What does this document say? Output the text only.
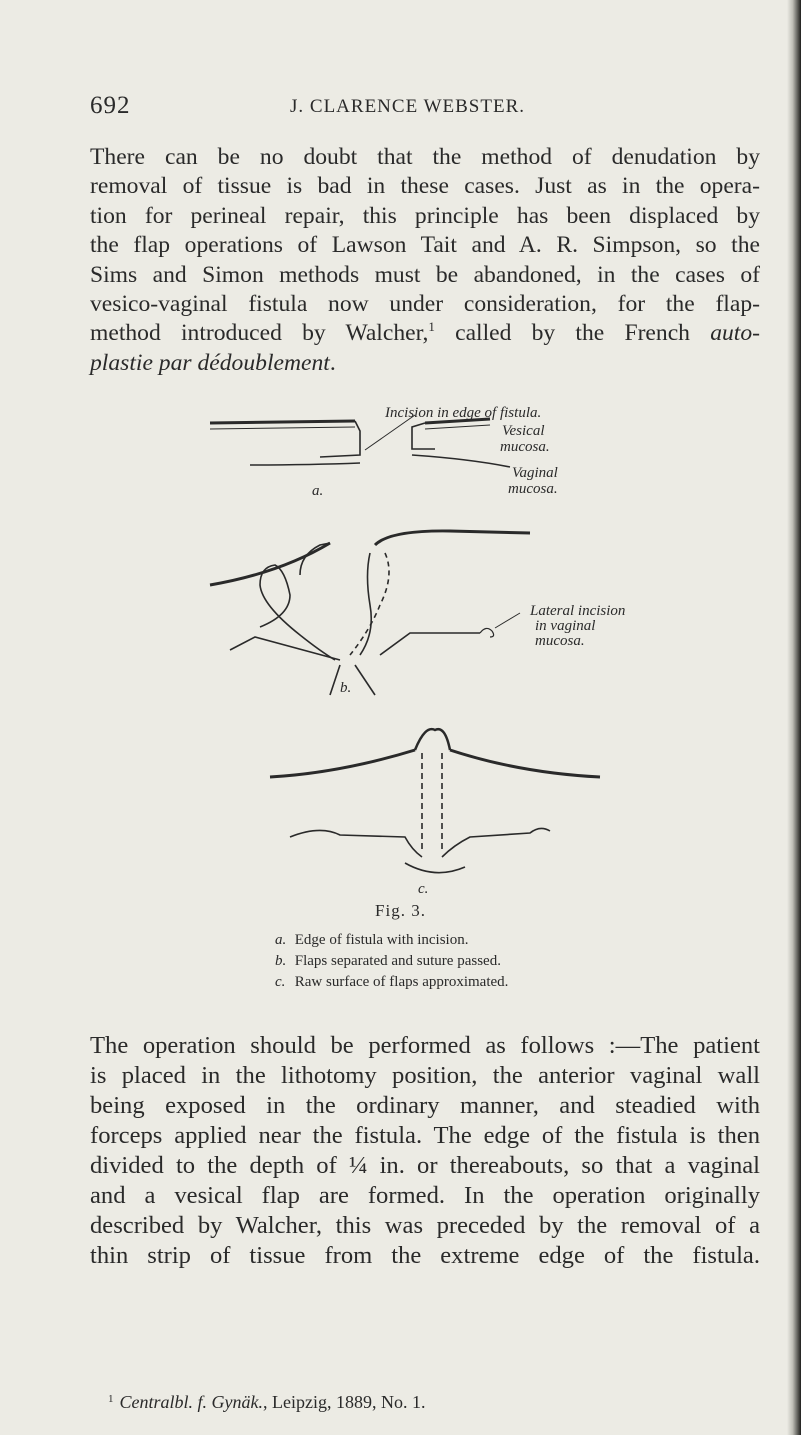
692	J. CLARENCE WEBSTER.
There can be no doubt that the method of denudation by
removal of tissue is bad in these cases. Just as in the opera-
tion for perineal repair, this principle has been displaced by
the flap operations of Lawson Tait and A. R. Simpson, so the
Sims and Simon methods must be abandoned, in the cases of
vesico-vaginal fistula now under consideration, for the flap-
method introduced by Walcher,$^1$ called by the French auto-
plastie par dédoublement.
Incision in edge of fistula.
Vesical
mucosa.
Vaginal
mucosa.
a.
Lateral incision
in vaginal
mucosa.
b.
c.
Fig. 3.
a. Edge of fistula with incision.
b. Flaps separated and suture passed.
c. Raw surface of flaps approximated.
The operation should be performed as follows :—The patient
is placed in the lithotomy position, the anterior vaginal wall
being exposed in the ordinary manner, and steadied with
forceps applied near the fistula. The edge of the fistula is then
divided to the depth of ¼ in. or thereabouts, so that a vaginal
and a vesical flap are formed. In the operation originally
described by Walcher, this was preceded by the removal of a
thin strip of tissue from the extreme edge of the fistula.
$^1$ Centralbl. f. Gynäk., Leipzig, 1889, No. 1.
